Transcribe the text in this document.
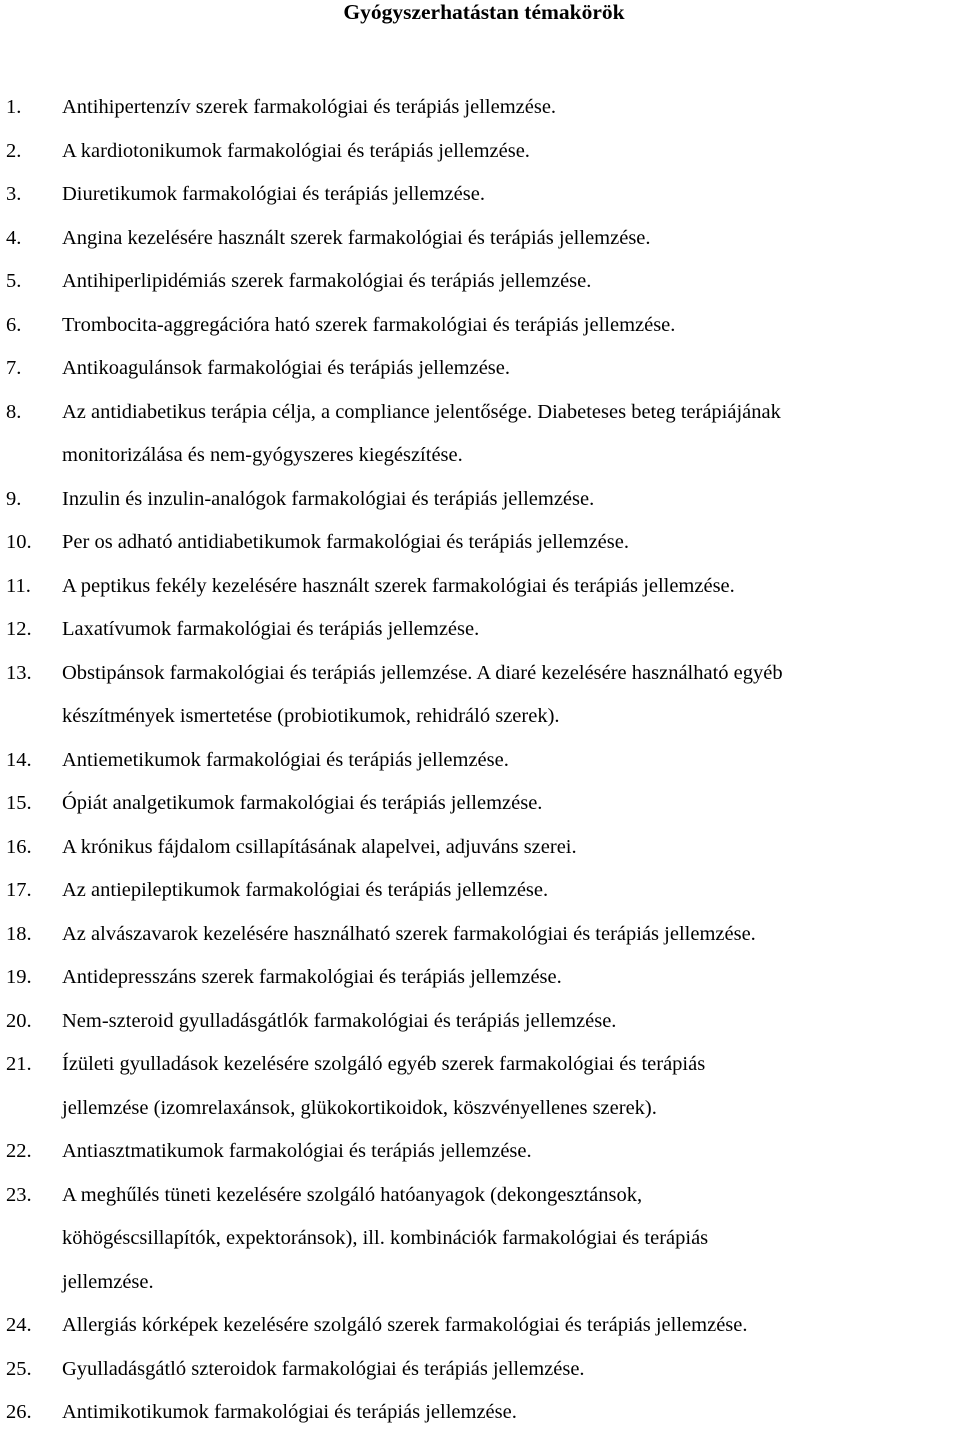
Gyógyszerhatástan témakörök
1. Antihipertenzív szerek farmakológiai és terápiás jellemzése.
2. A kardiotonikumok farmakológiai és terápiás jellemzése.
3. Diuretikumok farmakológiai és terápiás jellemzése.
4. Angina kezelésére használt szerek farmakológiai és terápiás jellemzése.
5. Antihiperlipidémiás szerek farmakológiai és terápiás jellemzése.
6. Trombocita-aggregációra ható szerek farmakológiai és terápiás jellemzése.
7. Antikoagulánsok farmakológiai és terápiás jellemzése.
8. Az antidiabetikus terápia célja, a compliance jelentősége. Diabeteses beteg terápiájának
monitorizálása és nem-gyógyszeres kiegészítése.
9. Inzulin és inzulin-analógok farmakológiai és terápiás jellemzése.
10. Per os adható antidiabetikumok farmakológiai és terápiás jellemzése.
11. A peptikus fekély kezelésére használt szerek farmakológiai és terápiás jellemzése.
12. Laxatívumok farmakológiai és terápiás jellemzése.
13. Obstipánsok farmakológiai és terápiás jellemzése. A diaré kezelésére használható egyéb
készítmények ismertetése (probiotikumok, rehidráló szerek).
14. Antiemetikumok farmakológiai és terápiás jellemzése.
15. Ópiát analgetikumok farmakológiai és terápiás jellemzése.
16. A krónikus fájdalom csillapításának alapelvei, adjuváns szerei.
17. Az antiepileptikumok farmakológiai és terápiás jellemzése.
18. Az alvászavarok kezelésére használható szerek farmakológiai és terápiás jellemzése.
19. Antidepresszáns szerek farmakológiai és terápiás jellemzése.
20. Nem-szteroid gyulladásgátlók farmakológiai és terápiás jellemzése.
21. Ízületi gyulladások kezelésére szolgáló egyéb szerek farmakológiai és terápiás
jellemzése (izomrelaxánsok, glükokortikoidok, köszvényellenes szerek).
22. Antiasztmatikumok farmakológiai és terápiás jellemzése.
23. A meghűlés tüneti kezelésére szolgáló hatóanyagok (dekongesztánsok,
köhögéscsillapítók, expektoránsok), ill. kombinációk farmakológiai és terápiás
jellemzése.
24. Allergiás kórképek kezelésére szolgáló szerek farmakológiai és terápiás jellemzése.
25. Gyulladásgátló szteroidok farmakológiai és terápiás jellemzése.
26. Antimikotikumok farmakológiai és terápiás jellemzése.
